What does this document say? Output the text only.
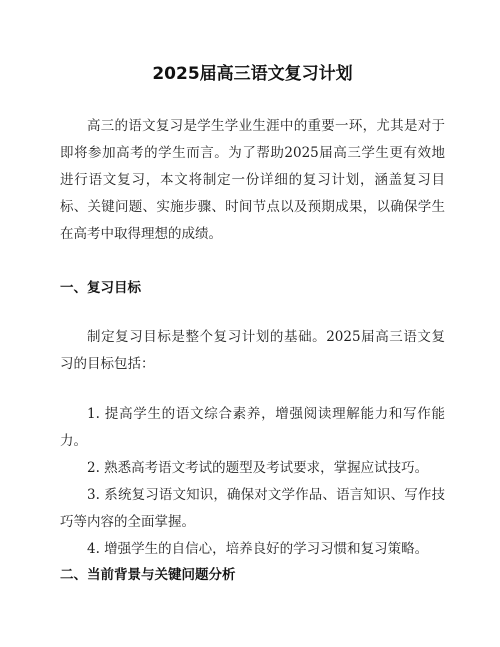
2025届高三语文复习计划

高三的语文复习是学生学业生涯中的重要一环，尤其是对于即将参加高考的学生而言。为了帮助2025届高三学生更有效地进行语文复习，本文将制定一份详细的复习计划，涵盖复习目标、关键问题、实施步骤、时间节点以及预期成果，以确保学生在高考中取得理想的成绩。

一、复习目标

制定复习目标是整个复习计划的基础。2025届高三语文复习的目标包括：

1. 提高学生的语文综合素养，增强阅读理解能力和写作能力。
2. 熟悉高考语文考试的题型及考试要求，掌握应试技巧。
3. 系统复习语文知识，确保对文学作品、语言知识、写作技巧等内容的全面掌握。
4. 增强学生的自信心，培养良好的学习习惯和复习策略。
二、当前背景与关键问题分析
